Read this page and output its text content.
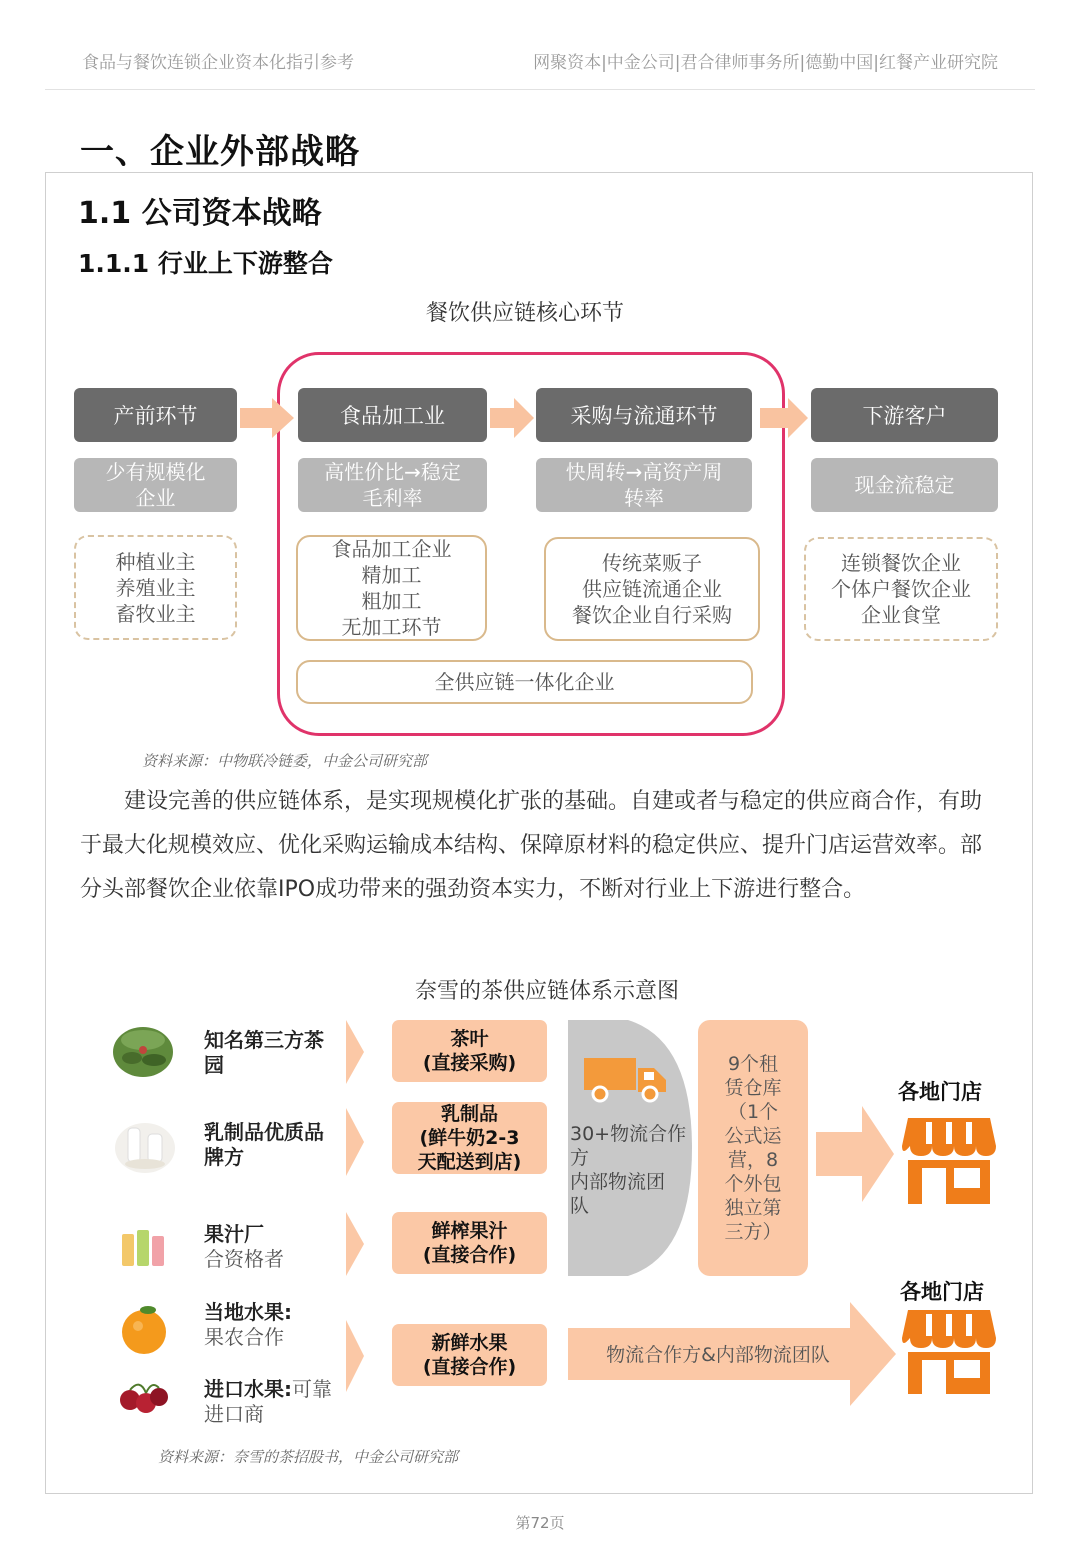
食品与餐饮连锁企业资本化指引参考	网聚资本|中金公司|君合律师事务所|德勤中国|红餐产业研究院
一、企业外部战略
1.1 公司资本战略
1.1.1 行业上下游整合
餐饮供应链核心环节
产前环节
少有规模化
企业
种植业主
养殖业主
畜牧业主
食品加工业
高性价比→稳定
毛利率
食品加工企业
精加工
粗加工
无加工环节
采购与流通环节
快周转→高资产周
转率
传统菜贩子
供应链流通企业
餐饮企业自行采购
下游客户
现金流稳定
连锁餐饮企业
个体户餐饮企业
企业食堂
全供应链一体化企业
资料来源：中物联冷链委，中金公司研究部

建设完善的供应链体系，是实现规模化扩张的基础。自建或者与稳定的供应商合作，有助于最大化规模效应、优化采购运输成本结构、保障原材料的稳定供应、提升门店运营效率。部分头部餐饮企业依靠IPO成功带来的强劲资本实力，不断对行业上下游进行整合。

奈雪的茶供应链体系示意图
知名第三方茶
园
乳制品优质品
牌方
果汁厂
合资格者
当地水果:
果农合作
进口水果:可靠进口商
茶叶
(直接采购)
乳制品
(鲜牛奶2-3
天配送到店)
鲜榨果汁
(直接合作)
新鲜水果
(直接合作)
30+物流合作
方
内部物流团
队
9个租
赁仓库
（1个
公式运
营，8
个外包
独立第
三方）
各地门店
物流合作方&内部物流团队
各地门店
资料来源：奈雪的茶招股书，中金公司研究部
第72页
